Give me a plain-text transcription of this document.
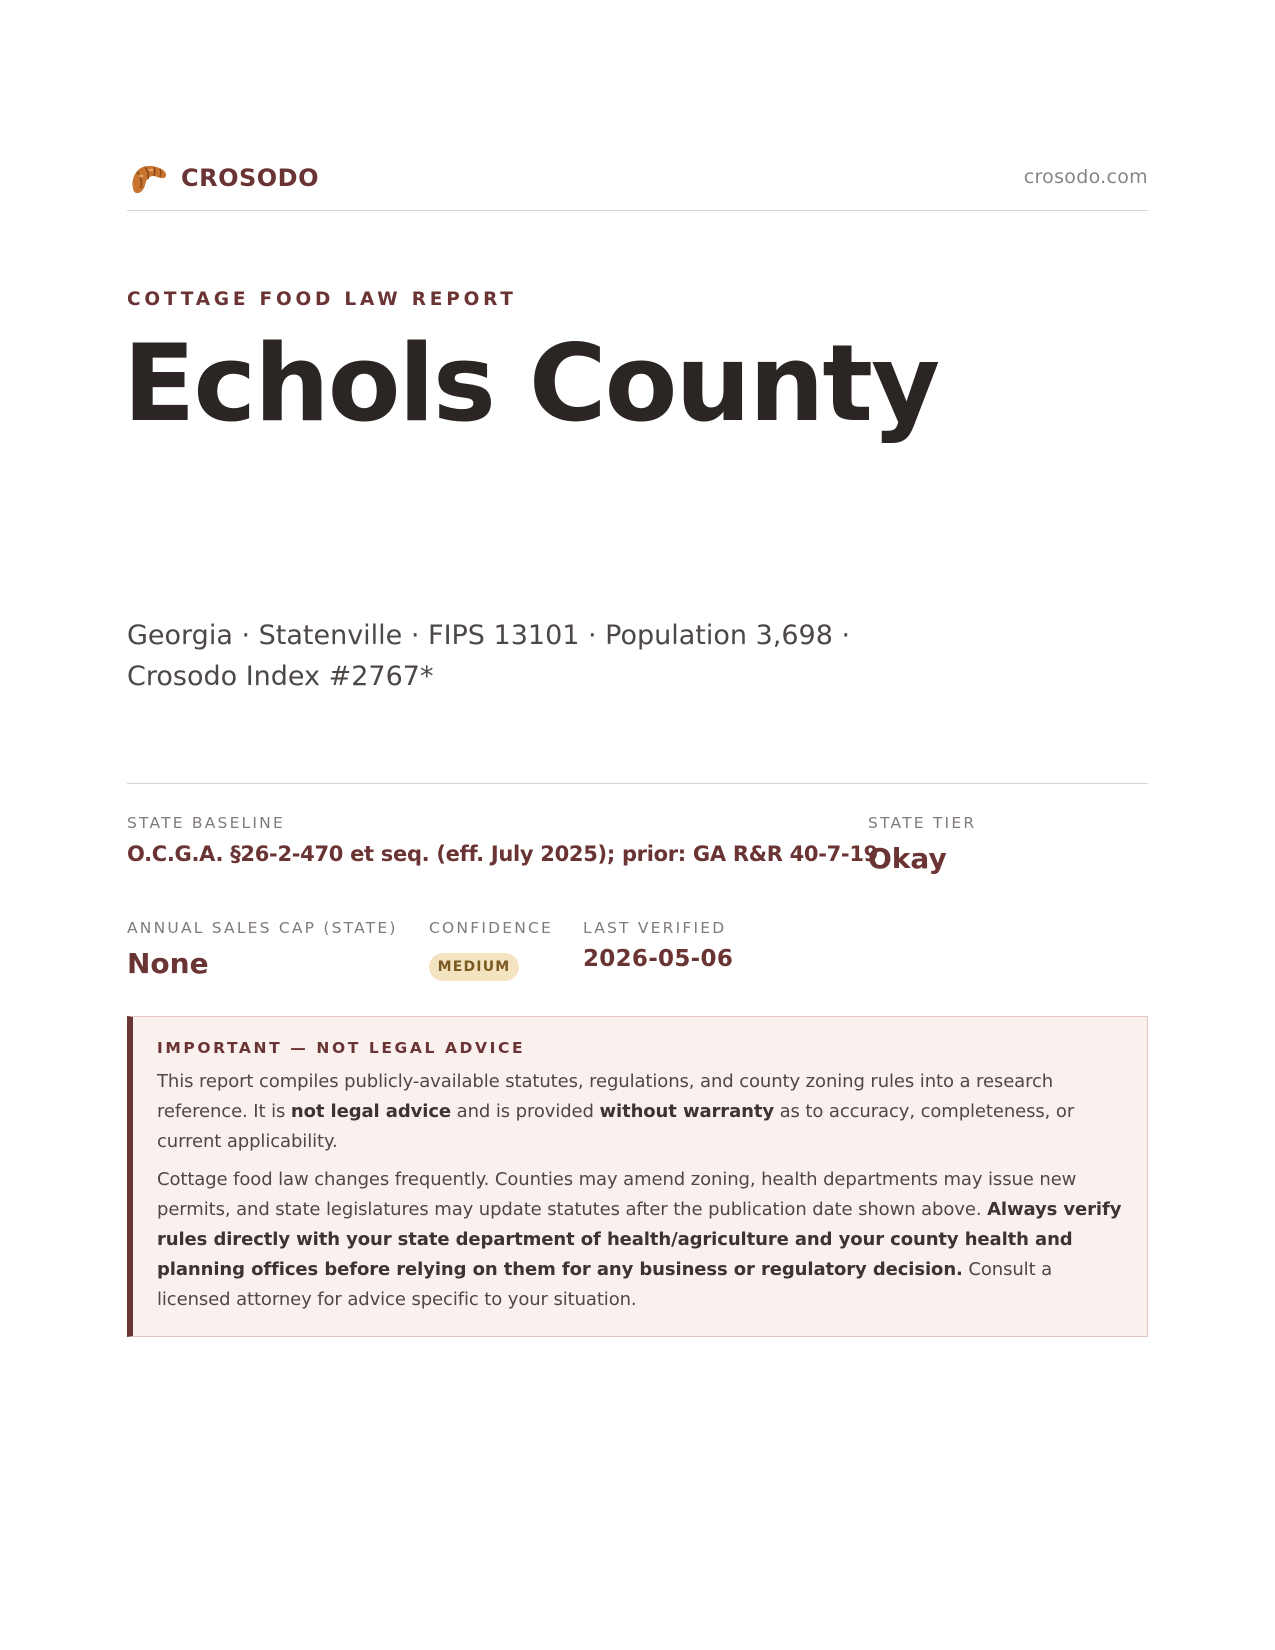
CROSODO	crosodo.com
COTTAGE FOOD LAW REPORT
Echols County
Georgia · Statenville · FIPS 13101 · Population 3,698 ·
Crosodo Index #2767*
STATE BASELINE
O.C.G.A. §26-2-470 et seq. (eff. July 2025); prior: GA R&R 40-7-19
STATE TIER
Okay
ANNUAL SALES CAP (STATE)
None
CONFIDENCE
MEDIUM
LAST VERIFIED
2026-05-06
IMPORTANT — NOT LEGAL ADVICE

This report compiles publicly-available statutes, regulations, and county zoning rules into a research reference. It is not legal advice and is provided without warranty as to accuracy, completeness, or current applicability.

Cottage food law changes frequently. Counties may amend zoning, health departments may issue new permits, and state legislatures may update statutes after the publication date shown above. Always verify rules directly with your state department of health/agriculture and your county health and planning offices before relying on them for any business or regulatory decision. Consult a licensed attorney for advice specific to your situation.
